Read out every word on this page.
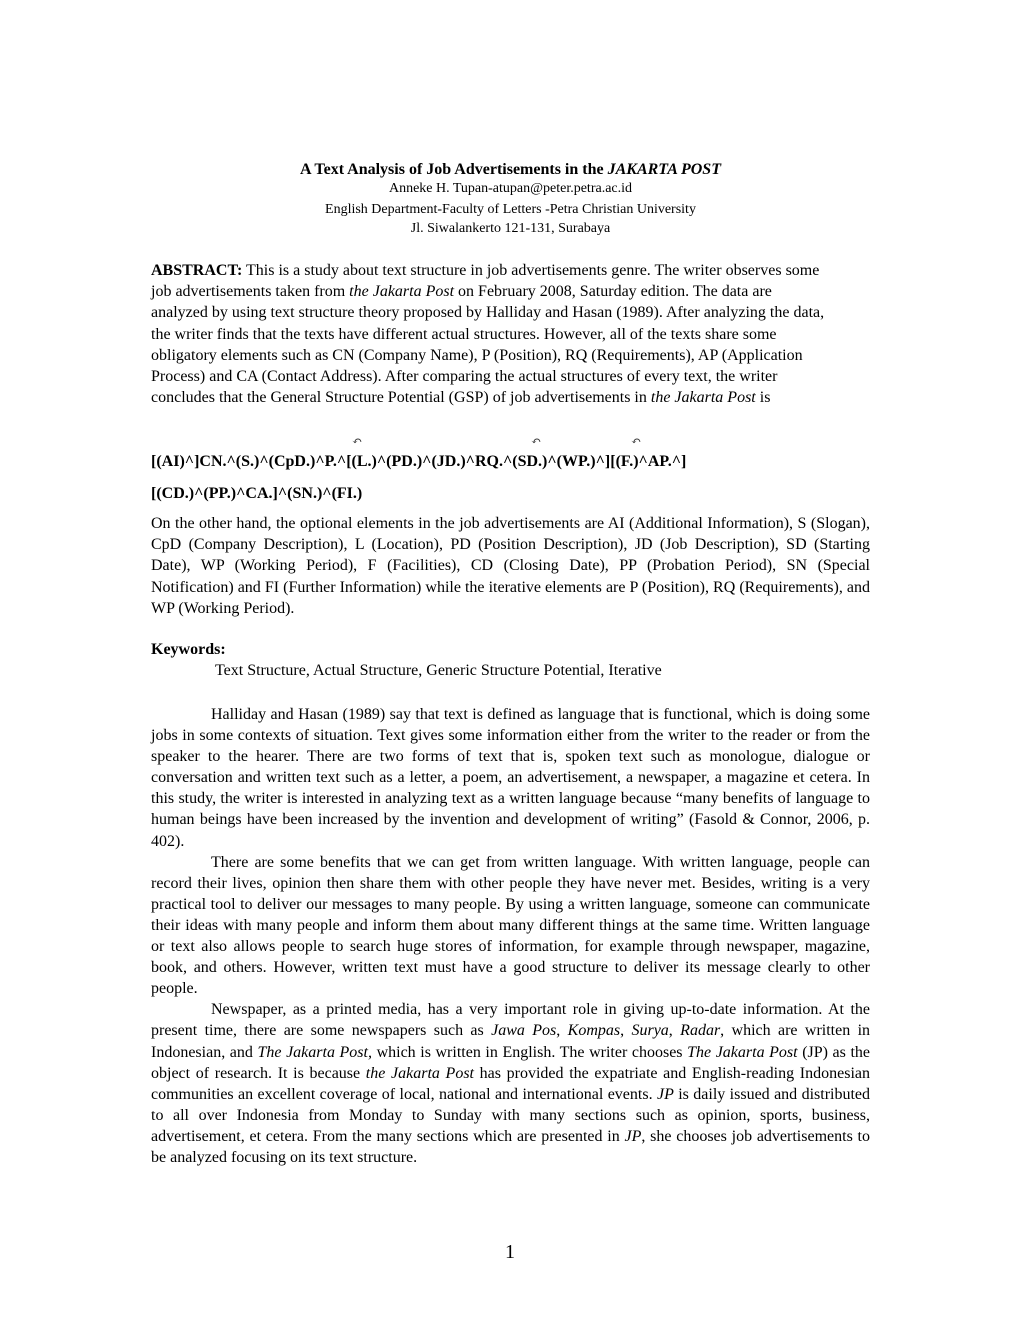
A Text Analysis of Job Advertisements in the JAKARTA POST
Anneke H. Tupan-atupan@peter.petra.ac.id
English Department-Faculty of Letters -Petra Christian University
Jl. Siwalankerto 121-131, Surabaya
ABSTRACT: This is a study about text structure in job advertisements genre. The writer observes some job advertisements taken from the Jakarta Post on February 2008, Saturday edition. The data are analyzed by using text structure theory proposed by Halliday and Hasan (1989). After analyzing the data, the writer finds that the texts have different actual structures. However, all of the texts share some obligatory elements such as CN (Company Name), P (Position), RQ (Requirements), AP (Application Process) and CA (Contact Address). After comparing the actual structures of every text, the writer concludes that the General Structure Potential (GSP) of job advertisements in the Jakarta Post is
↶	↶	↶
[(AI)^]CN.^(S.)^(CpD.)^P.^[(L.)^(PD.)^(JD.)^RQ.^(SD.)^(WP.)^][(F.)^AP.^]
[(CD.)^(PP.)^CA.]^(SN.)^(FI.)
On the other hand, the optional elements in the job advertisements are AI (Additional Information), S (Slogan), CpD (Company Description), L (Location), PD (Position Description), JD (Job Description), SD (Starting Date), WP (Working Period), F (Facilities), CD (Closing Date), PP (Probation Period), SN (Special Notification) and FI (Further Information) while the iterative elements are P (Position), RQ (Requirements), and WP (Working Period).
Keywords:
Text Structure, Actual Structure, Generic Structure Potential, Iterative

Halliday and Hasan (1989) say that text is defined as language that is functional, which is doing some jobs in some contexts of situation. Text gives some information either from the writer to the reader or from the speaker to the hearer. There are two forms of text that is, spoken text such as monologue, dialogue or conversation and written text such as a letter, a poem, an advertisement, a newspaper, a magazine et cetera. In this study, the writer is interested in analyzing text as a written language because “many benefits of language to human beings have been increased by the invention and development of writing” (Fasold & Connor, 2006, p. 402).

There are some benefits that we can get from written language. With written language, people can record their lives, opinion then share them with other people they have never met. Besides, writing is a very practical tool to deliver our messages to many people. By using a written language, someone can communicate their ideas with many people and inform them about many different things at the same time. Written language or text also allows people to search huge stores of information, for example through newspaper, magazine, book, and others. However, written text must have a good structure to deliver its message clearly to other people.

Newspaper, as a printed media, has a very important role in giving up-to-date information. At the present time, there are some newspapers such as Jawa Pos, Kompas, Surya, Radar, which are written in Indonesian, and The Jakarta Post, which is written in English. The writer chooses The Jakarta Post (JP) as the object of research. It is because the Jakarta Post has provided the expatriate and English-reading Indonesian communities an excellent coverage of local, national and international events. JP is daily issued and distributed to all over Indonesia from Monday to Sunday with many sections such as opinion, sports, business, advertisement, et cetera. From the many sections which are presented in JP, she chooses job advertisements to be analyzed focusing on its text structure.

1
